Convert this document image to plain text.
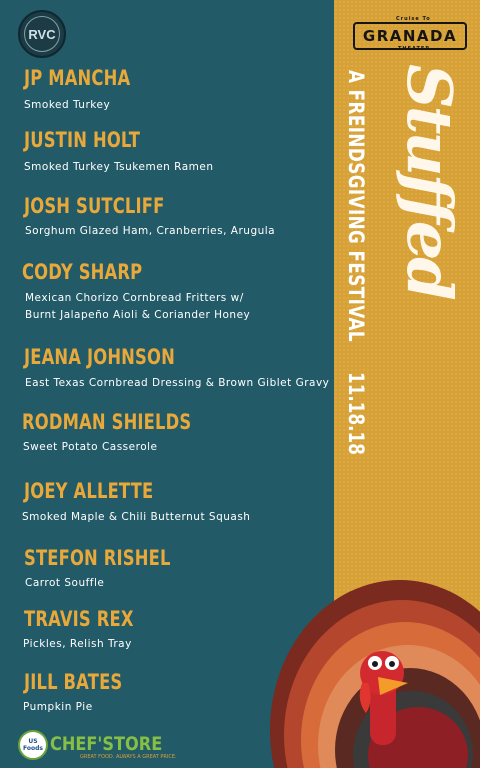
RVC
JP MANCHA
Smoked Turkey
JUSTIN HOLT
Smoked Turkey Tsukemen Ramen
JOSH SUTCLIFF
Sorghum Glazed Ham, Cranberries, Arugula
CODY SHARP
Mexican Chorizo Cornbread Fritters w/
Burnt Jalapeño Aioli & Coriander Honey
JEANA JOHNSON
East Texas Cornbread Dressing & Brown Giblet Gravy
RODMAN SHIELDS
Sweet Potato Casserole
JOEY ALLETTE
Smoked Maple & Chili Butternut Squash
STEFON RISHEL
Carrot Souffle
TRAVIS REX
Pickles, Relish Tray
JILL BATES
Pumpkin Pie
Cruise To
GRANADA
THEATER
Stuffed
A FREINDSGIVING FESTIVAL
11.18.18
US Foods CHEF'STORE
GREAT FOOD. ALWAYS A GREAT PRICE.
